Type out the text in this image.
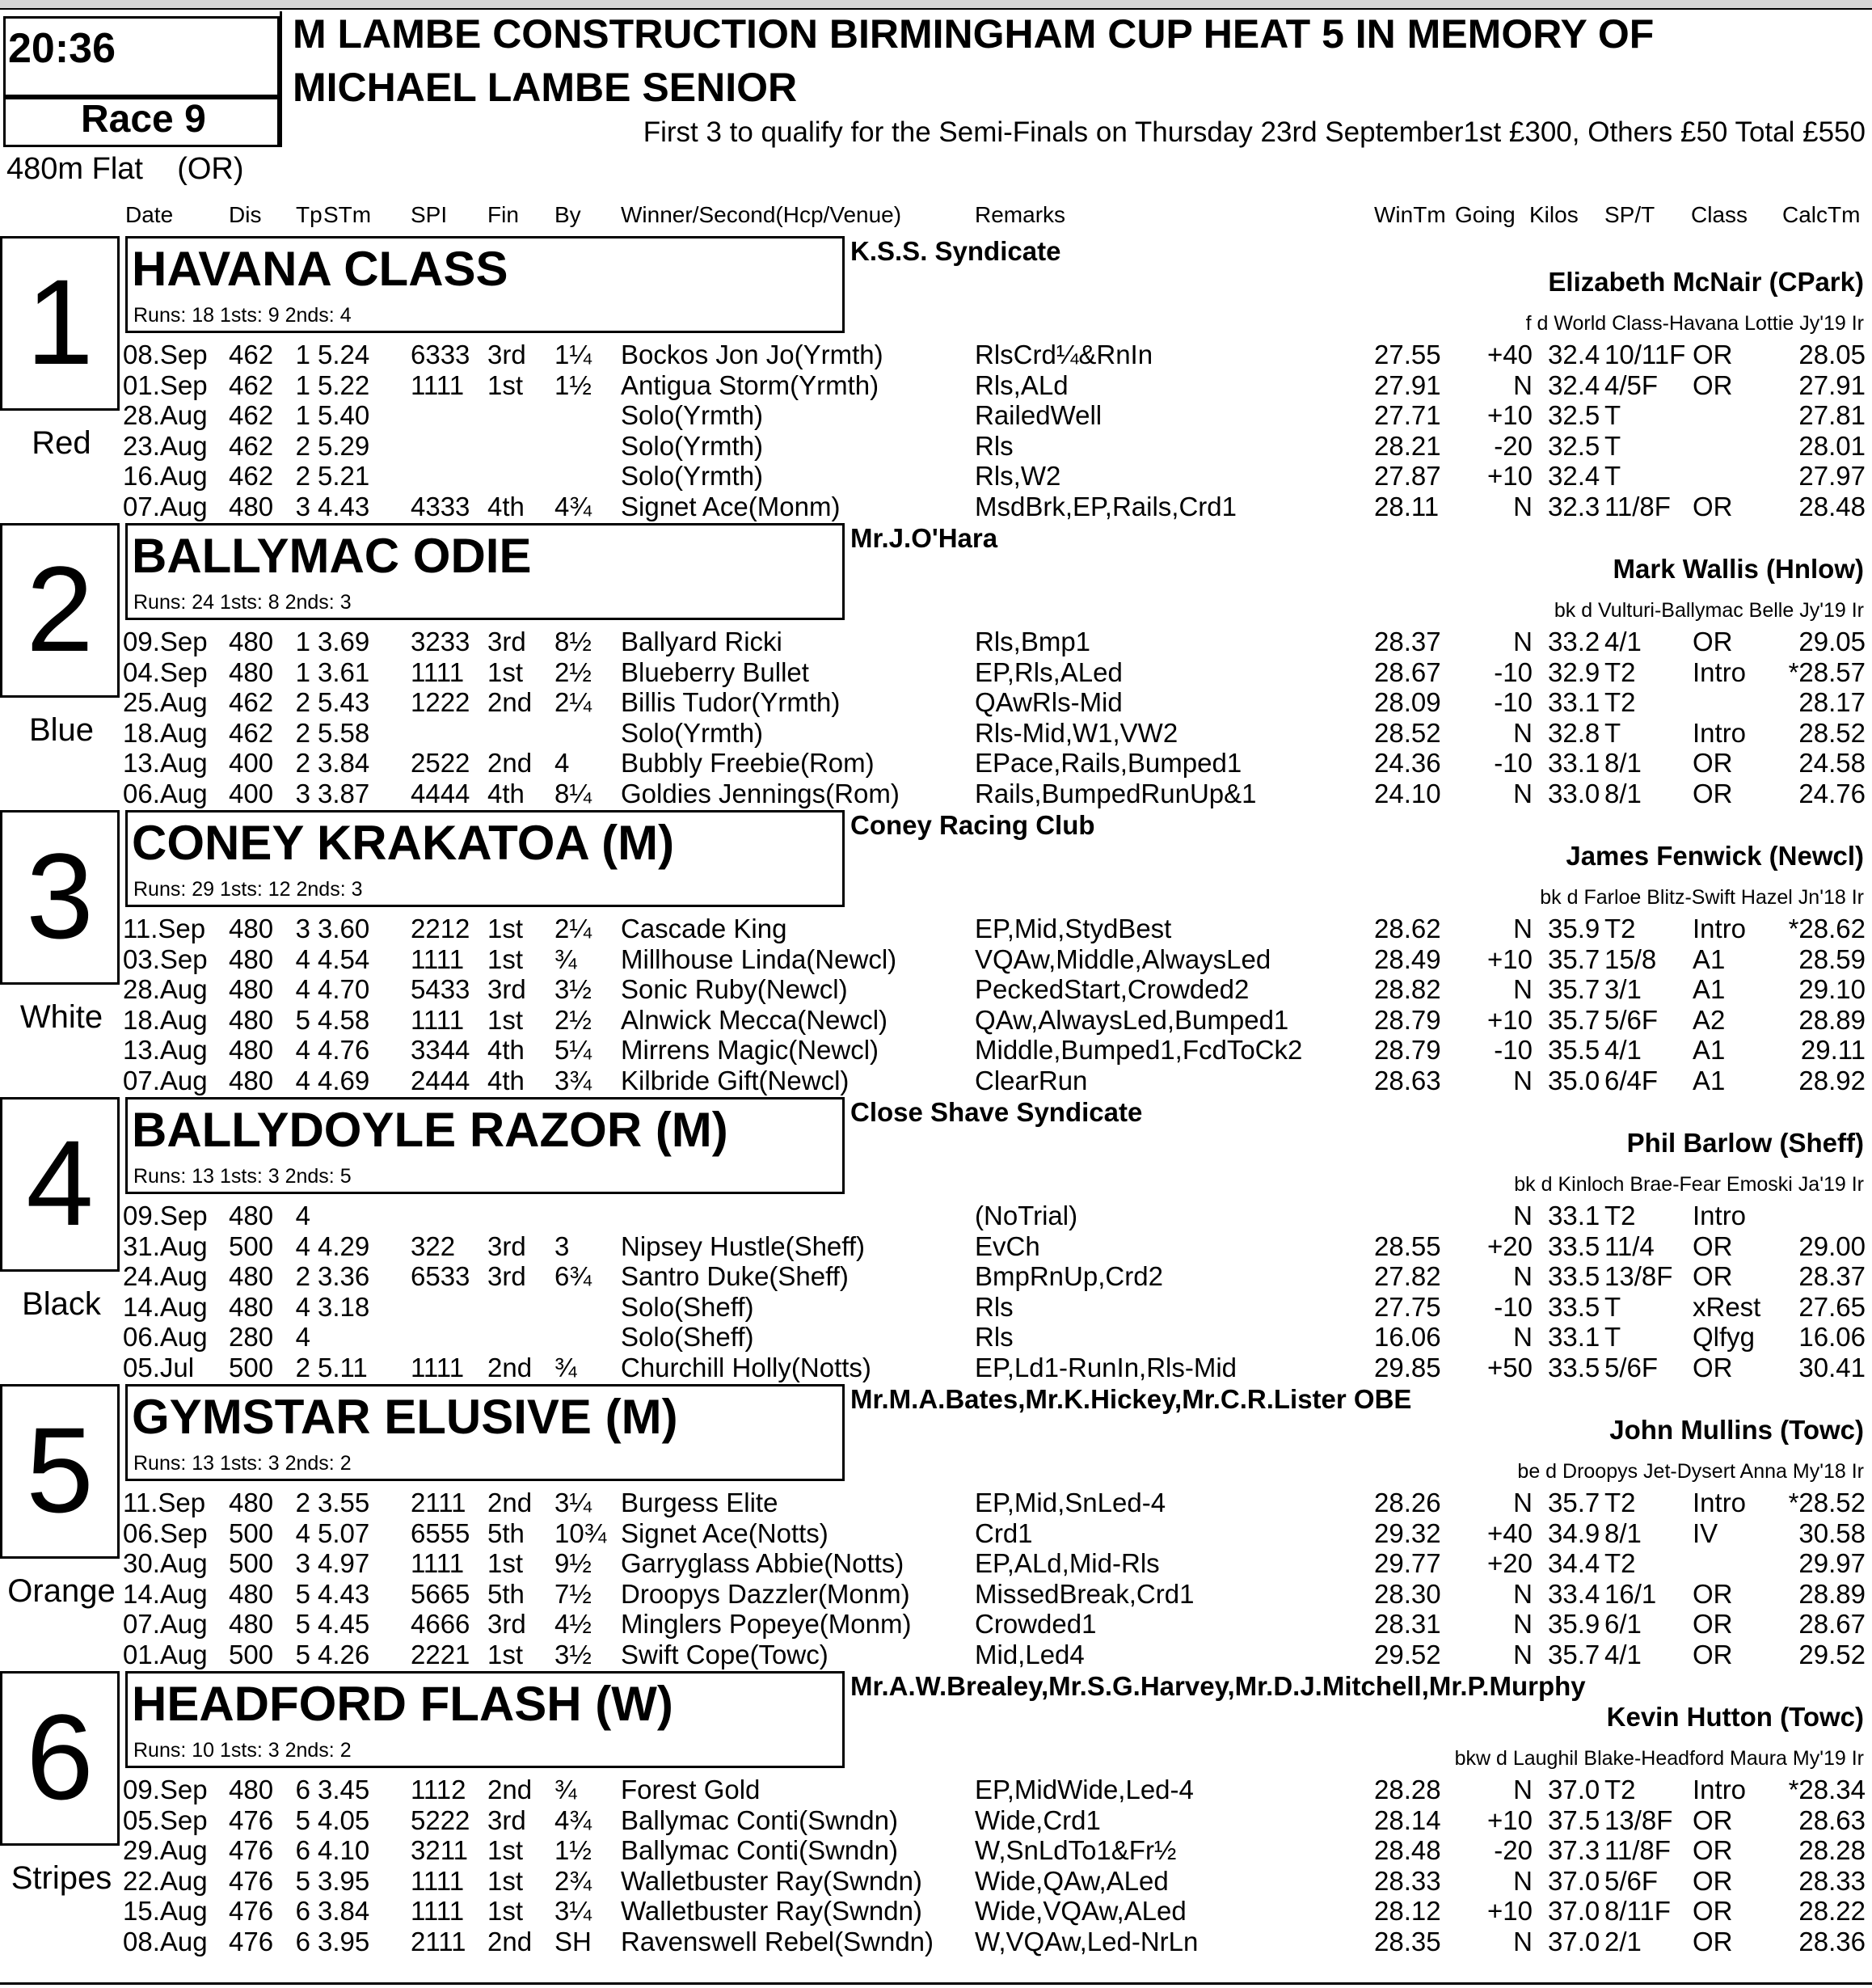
20:36
Race 9
M LAMBE CONSTRUCTION BIRMINGHAM CUP HEAT 5 IN MEMORY OF
MICHAEL LAMBE SENIOR
First 3 to qualify for the Semi-Finals on Thursday 23rd September1st £300, Others £50 Total £550
480m Flat (OR)
Date Dis Tp STm SPI Fin By Winner/Second(Hcp/Venue)	Remarks	WinTm Going Kilos SP/T Class CalcTm
1
Red
HAVANA CLASS
Runs: 18 1sts: 9 2nds: 4
K.S.S. Syndicate
Elizabeth McNair (CPark)
f d World Class-Havana Lottie Jy'19 Ir
08.Sep 462 1 5.24 6333 3rd 1¼ Bockos Jon Jo(Yrmth)	RlsCrd¼&RnIn	27.55	+40 32.4 10/11F OR	28.05
01.Sep 462 1 5.22 1111 1st 1½ Antigua Storm(Yrmth)	Rls,ALd	27.91	N 32.4 4/5F OR	27.91
28.Aug 462 1 5.40	Solo(Yrmth)	RailedWell	27.71	+10 32.5 T	27.81
23.Aug 462 2 5.29	Solo(Yrmth)	Rls	28.21	-20 32.5 T	28.01
16.Aug 462 2 5.21	Solo(Yrmth)	Rls,W2	27.87	+10 32.4 T	27.97
07.Aug 480 3 4.43 4333 4th 4¾ Signet Ace(Monm)	MsdBrk,EP,Rails,Crd1	28.11	N 32.3 11/8F OR	28.48
2
Blue
BALLYMAC ODIE
Runs: 24 1sts: 8 2nds: 3
Mr.J.O'Hara
Mark Wallis (Hnlow)
bk d Vulturi-Ballymac Belle Jy'19 Ir
09.Sep 480 1 3.69 3233 3rd 8½ Ballyard Ricki	Rls,Bmp1	28.37	N 33.2 4/1 OR	29.05
04.Sep 480 1 3.61 1111 1st 2½ Blueberry Bullet	EP,Rls,ALed	28.67	-10 32.9 T2 Intro	*28.57
25.Aug 462 2 5.43 1222 2nd 2¼ Billis Tudor(Yrmth)	QAwRls-Mid	28.09	-10 33.1 T2	28.17
18.Aug 462 2 5.58	Solo(Yrmth)	Rls-Mid,W1,VW2	28.52	N 32.8 T	Intro	28.52
13.Aug 400 2 3.84 2522 2nd 4 Bubbly Freebie(Rom)	EPace,Rails,Bumped1	24.36	-10 33.1 8/1 OR	24.58
06.Aug 400 3 3.87 4444 4th 8¼ Goldies Jennings(Rom)	Rails,BumpedRunUp&1	24.10	N 33.0 8/1 OR	24.76
3
White
CONEY KRAKATOA (M)
Runs: 29 1sts: 12 2nds: 3
Coney Racing Club
James Fenwick (Newcl)
bk d Farloe Blitz-Swift Hazel Jn'18 Ir
11.Sep 480 3 3.60 2212 1st 2¼ Cascade King	EP,Mid,StydBest	28.62	N 35.9 T2 Intro	*28.62
03.Sep 480 4 4.54 1111 1st ¾ Millhouse Linda(Newcl)	VQAw,Middle,AlwaysLed	28.49	+10 35.7 15/8 A1	28.59
28.Aug 480 4 4.70 5433 3rd 3½ Sonic Ruby(Newcl)	PeckedStart,Crowded2	28.82	N 35.7 3/1 A1	29.10
18.Aug 480 5 4.58 1111 1st 2½ Alnwick Mecca(Newcl)	QAw,AlwaysLed,Bumped1	28.79	+10 35.7 5/6F A2	28.89
13.Aug 480 4 4.76 3344 4th 5¼ Mirrens Magic(Newcl)	Middle,Bumped1,FcdToCk2	28.79	-10 35.5 4/1 A1	29.11
07.Aug 480 4 4.69 2444 4th 3¾ Kilbride Gift(Newcl)	ClearRun	28.63	N 35.0 6/4F A1	28.92
4
Black
BALLYDOYLE RAZOR (M)
Runs: 13 1sts: 3 2nds: 5
Close Shave Syndicate
Phil Barlow (Sheff)
bk d Kinloch Brae-Fear Emoski Ja'19 Ir
09.Sep 480 4	(NoTrial)	N 33.1 T2 Intro
31.Aug 500 4 4.29 322 3rd 3 Nipsey Hustle(Sheff)	EvCh	28.55	+20 33.5 11/4 OR	29.00
24.Aug 480 2 3.36 6533 3rd 6¾ Santro Duke(Sheff)	BmpRnUp,Crd2	27.82	N 33.5 13/8F OR	28.37
14.Aug 480 4 3.18	Solo(Sheff)	Rls	27.75	-10 33.5 T	xRest	27.65
06.Aug 280 4	Solo(Sheff)	Rls	16.06	N 33.1 T	Qlfyg	16.06
05.Jul 500 2 5.11 1111 2nd ¾ Churchill Holly(Notts)	EP,Ld1-RunIn,Rls-Mid	29.85	+50 33.5 5/6F OR	30.41
5
Orange
GYMSTAR ELUSIVE (M)
Runs: 13 1sts: 3 2nds: 2
Mr.M.A.Bates,Mr.K.Hickey,Mr.C.R.Lister OBE
John Mullins (Towc)
be d Droopys Jet-Dysert Anna My'18 Ir
11.Sep 480 2 3.55 2111 2nd 3¼ Burgess Elite	EP,Mid,SnLed-4	28.26	N 35.7 T2 Intro	*28.52
06.Sep 500 4 5.07 6555 5th 10¾ Signet Ace(Notts)	Crd1	29.32	+40 34.9 8/1 IV	30.58
30.Aug 500 3 4.97 1111 1st 9½ Garryglass Abbie(Notts)	EP,ALd,Mid-Rls	29.77	+20 34.4 T2	29.97
14.Aug 480 5 4.43 5665 5th 7½ Droopys Dazzler(Monm) MissedBreak,Crd1	28.30	N 33.4 16/1 OR	28.89
07.Aug 480 5 4.45 4666 3rd 4½ Minglers Popeye(Monm) Crowded1	28.31	N 35.9 6/1 OR	28.67
01.Aug 500 5 4.26 2221 1st 3½ Swift Cope(Towc)	Mid,Led4	29.52	N 35.7 4/1 OR	29.52
6
Stripes
HEADFORD FLASH (W)
Runs: 10 1sts: 3 2nds: 2
Mr.A.W.Brealey,Mr.S.G.Harvey,Mr.D.J.Mitchell,Mr.P.Murphy
Kevin Hutton (Towc)
bkw d Laughil Blake-Headford Maura My'19 Ir
09.Sep 480 6 3.45 1112 2nd ¾ Forest Gold	EP,MidWide,Led-4	28.28	N 37.0 T2 Intro	*28.34
05.Sep 476 5 4.05 5222 3rd 4¾ Ballymac Conti(Swndn)	Wide,Crd1	28.14	+10 37.5 13/8F OR	28.63
29.Aug 476 6 4.10 3211 1st 1½ Ballymac Conti(Swndn)	W,SnLdTo1&Fr½	28.48	-20 37.3 11/8F OR	28.28
22.Aug 476 5 3.95 1111 1st 2¾ Walletbuster Ray(Swndn) Wide,QAw,ALed	28.33	N 37.0 5/6F OR	28.33
15.Aug 476 6 3.84 1111 1st 3¼ Walletbuster Ray(Swndn) Wide,VQAw,ALed	28.12	+10 37.0 8/11F OR	28.22
08.Aug 476 6 3.95 2111 2nd SH Ravenswell Rebel(Swndn) W,VQAw,Led-NrLn	28.35	N 37.0 2/1 OR	28.36
